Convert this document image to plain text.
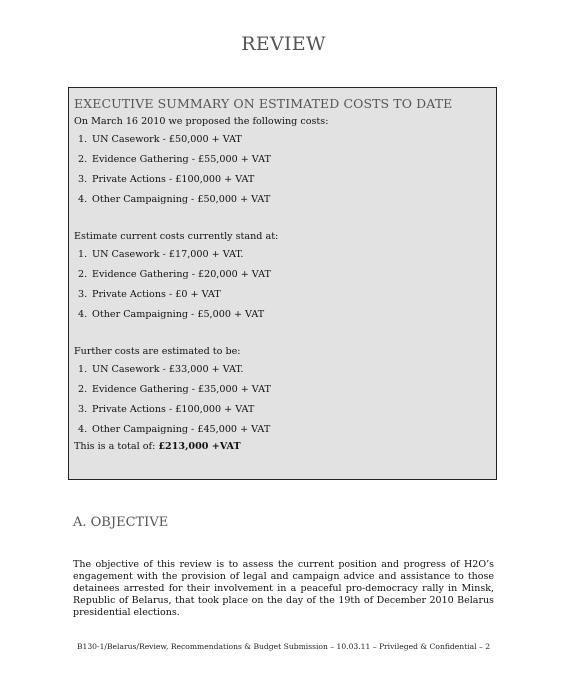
REVIEW
EXECUTIVE SUMMARY ON ESTIMATED COSTS TO DATE

On March 16 2010 we proposed the following costs:

1. UN Casework - £50,000 + VAT
2. Evidence Gathering - £55,000 + VAT
3. Private Actions - £100,000 + VAT
4. Other Campaigning - £50,000 + VAT

Estimate current costs currently stand at:

1. UN Casework - £17,000 + VAT.
2. Evidence Gathering - £20,000 + VAT
3. Private Actions - £0 + VAT
4. Other Campaigning - £5,000 + VAT

Further costs are estimated to be:

1. UN Casework - £33,000 + VAT.
2. Evidence Gathering - £35,000 + VAT
3. Private Actions - £100,000 + VAT
4. Other Campaigning - £45,000 + VAT

This is a total of: £213,000 +VAT

A. OBJECTIVE

The objective of this review is to assess the current position and progress of H2O’s engagement with the provision of legal and campaign advice and assistance to those detainees arrested for their involvement in a peaceful pro-democracy rally in Minsk, Republic of Belarus, that took place on the day of the 19th of December 2010 Belarus presidential elections.

B130-1/Belarus/Review, Recommendations & Budget Submission – 10.03.11 – Privileged & Confidential – 2
